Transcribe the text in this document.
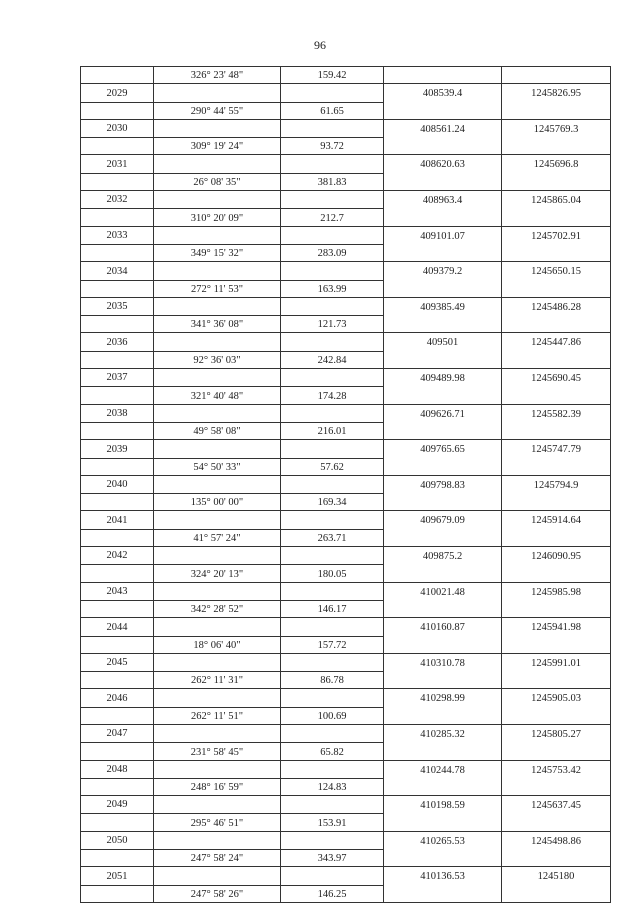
96
	326° 23' 48"	159.42		
2029			408539.4	1245826.95
	290° 44' 55"	61.65		
2030			408561.24	1245769.3
	309° 19' 24"	93.72		
2031			408620.63	1245696.8
	26° 08' 35"	381.83		
2032			408963.4	1245865.04
	310° 20' 09"	212.7		
2033			409101.07	1245702.91
	349° 15' 32"	283.09		
2034			409379.2	1245650.15
	272° 11' 53"	163.99		
2035			409385.49	1245486.28
	341° 36' 08"	121.73		
2036			409501	1245447.86
	92° 36' 03"	242.84		
2037			409489.98	1245690.45
	321° 40' 48"	174.28		
2038			409626.71	1245582.39
	49° 58' 08"	216.01		
2039			409765.65	1245747.79
	54° 50' 33"	57.62		
2040			409798.83	1245794.9
	135° 00' 00"	169.34		
2041			409679.09	1245914.64
	41° 57' 24"	263.71		
2042			409875.2	1246090.95
	324° 20' 13"	180.05		
2043			410021.48	1245985.98
	342° 28' 52"	146.17		
2044			410160.87	1245941.98
	18° 06' 40"	157.72		
2045			410310.78	1245991.01
	262° 11' 31"	86.78		
2046			410298.99	1245905.03
	262° 11' 51"	100.69		
2047			410285.32	1245805.27
	231° 58' 45"	65.82		
2048			410244.78	1245753.42
	248° 16' 59"	124.83		
2049			410198.59	1245637.45
	295° 46' 51"	153.91		
2050			410265.53	1245498.86
	247° 58' 24"	343.97		
2051			410136.53	1245180
	247° 58' 26"	146.25		
